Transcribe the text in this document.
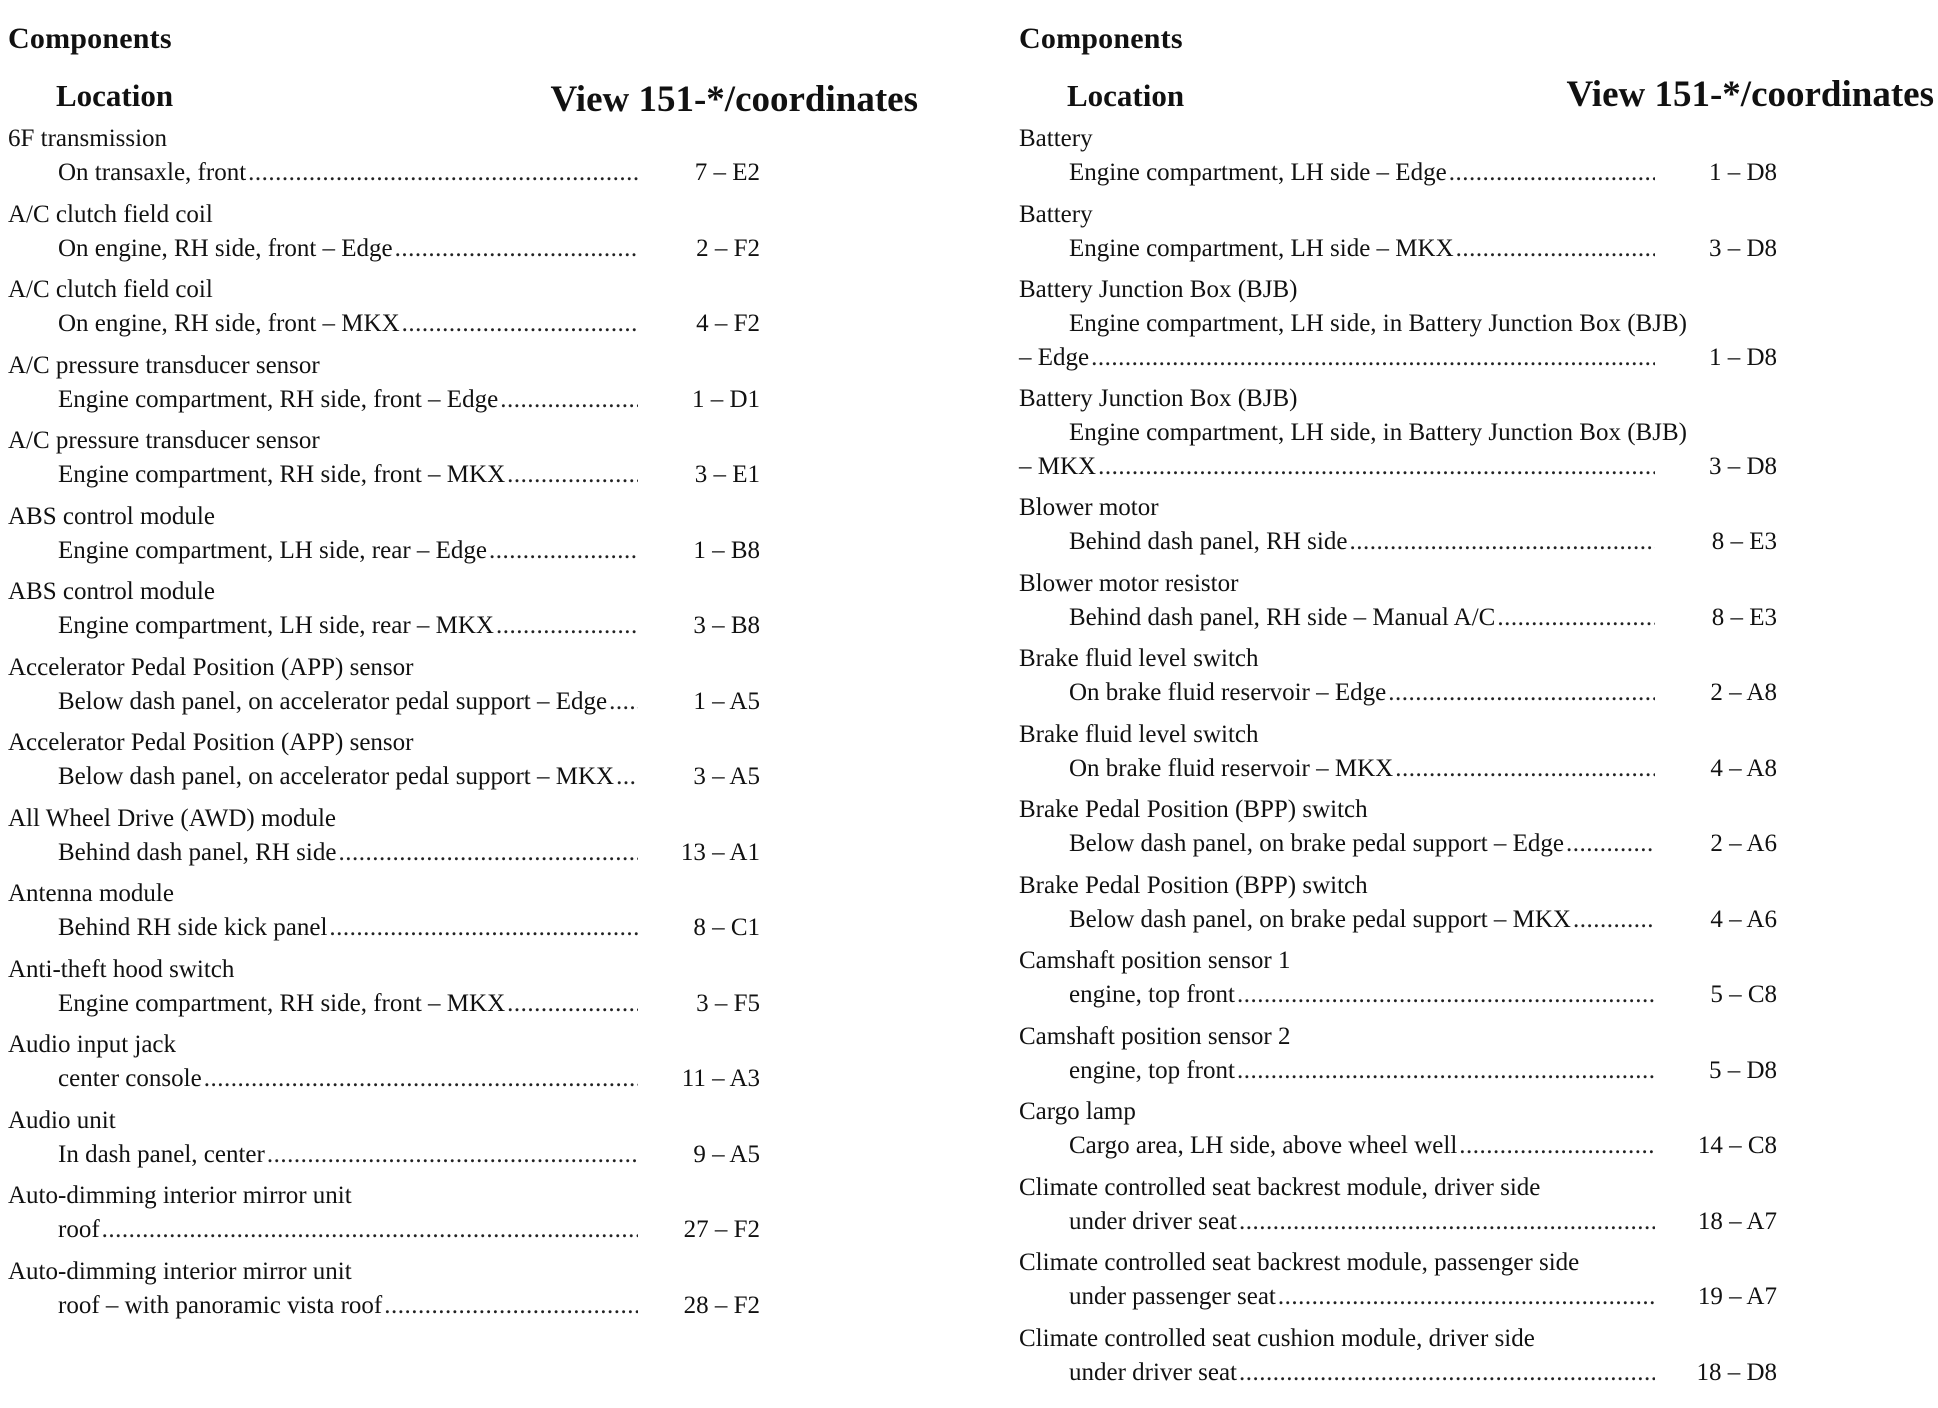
Components
Location	View 151-*/coordinates
6F transmission
On transaxle, front .....	7 – E2
A/C clutch field coil
On engine, RH side, front – Edge .....	2 – F2
A/C clutch field coil
On engine, RH side, front – MKX .....	4 – F2
A/C pressure transducer sensor
Engine compartment, RH side, front – Edge .....	1 – D1
A/C pressure transducer sensor
Engine compartment, RH side, front – MKX .....	3 – E1
ABS control module
Engine compartment, LH side, rear – Edge .....	1 – B8
ABS control module
Engine compartment, LH side, rear – MKX .....	3 – B8
Accelerator Pedal Position (APP) sensor
Below dash panel, on accelerator pedal support – Edge .....	1 – A5
Accelerator Pedal Position (APP) sensor
Below dash panel, on accelerator pedal support – MKX .....	3 – A5
All Wheel Drive (AWD) module
Behind dash panel, RH side .....	13 – A1
Antenna module
Behind RH side kick panel .....	8 – C1
Anti-theft hood switch
Engine compartment, RH side, front – MKX .....	3 – F5
Audio input jack
center console .....	11 – A3
Audio unit
In dash panel, center .....	9 – A5
Auto-dimming interior mirror unit
roof .....	27 – F2
Auto-dimming interior mirror unit
roof – with panoramic vista roof .....	28 – F2
Components
Location	View 151-*/coordinates
Battery
Engine compartment, LH side – Edge .....	1 – D8
Battery
Engine compartment, LH side – MKX .....	3 – D8
Battery Junction Box (BJB)
Engine compartment, LH side, in Battery Junction Box (BJB)
– Edge .....	1 – D8
Battery Junction Box (BJB)
Engine compartment, LH side, in Battery Junction Box (BJB)
– MKX .....	3 – D8
Blower motor
Behind dash panel, RH side .....	8 – E3
Blower motor resistor
Behind dash panel, RH side – Manual A/C .....	8 – E3
Brake fluid level switch
On brake fluid reservoir – Edge .....	2 – A8
Brake fluid level switch
On brake fluid reservoir – MKX .....	4 – A8
Brake Pedal Position (BPP) switch
Below dash panel, on brake pedal support – Edge .....	2 – A6
Brake Pedal Position (BPP) switch
Below dash panel, on brake pedal support – MKX .....	4 – A6
Camshaft position sensor 1
engine, top front .....	5 – C8
Camshaft position sensor 2
engine, top front .....	5 – D8
Cargo lamp
Cargo area, LH side, above wheel well .....	14 – C8
Climate controlled seat backrest module, driver side
under driver seat .....	18 – A7
Climate controlled seat backrest module, passenger side
under passenger seat .....	19 – A7
Climate controlled seat cushion module, driver side
under driver seat .....	18 – D8
